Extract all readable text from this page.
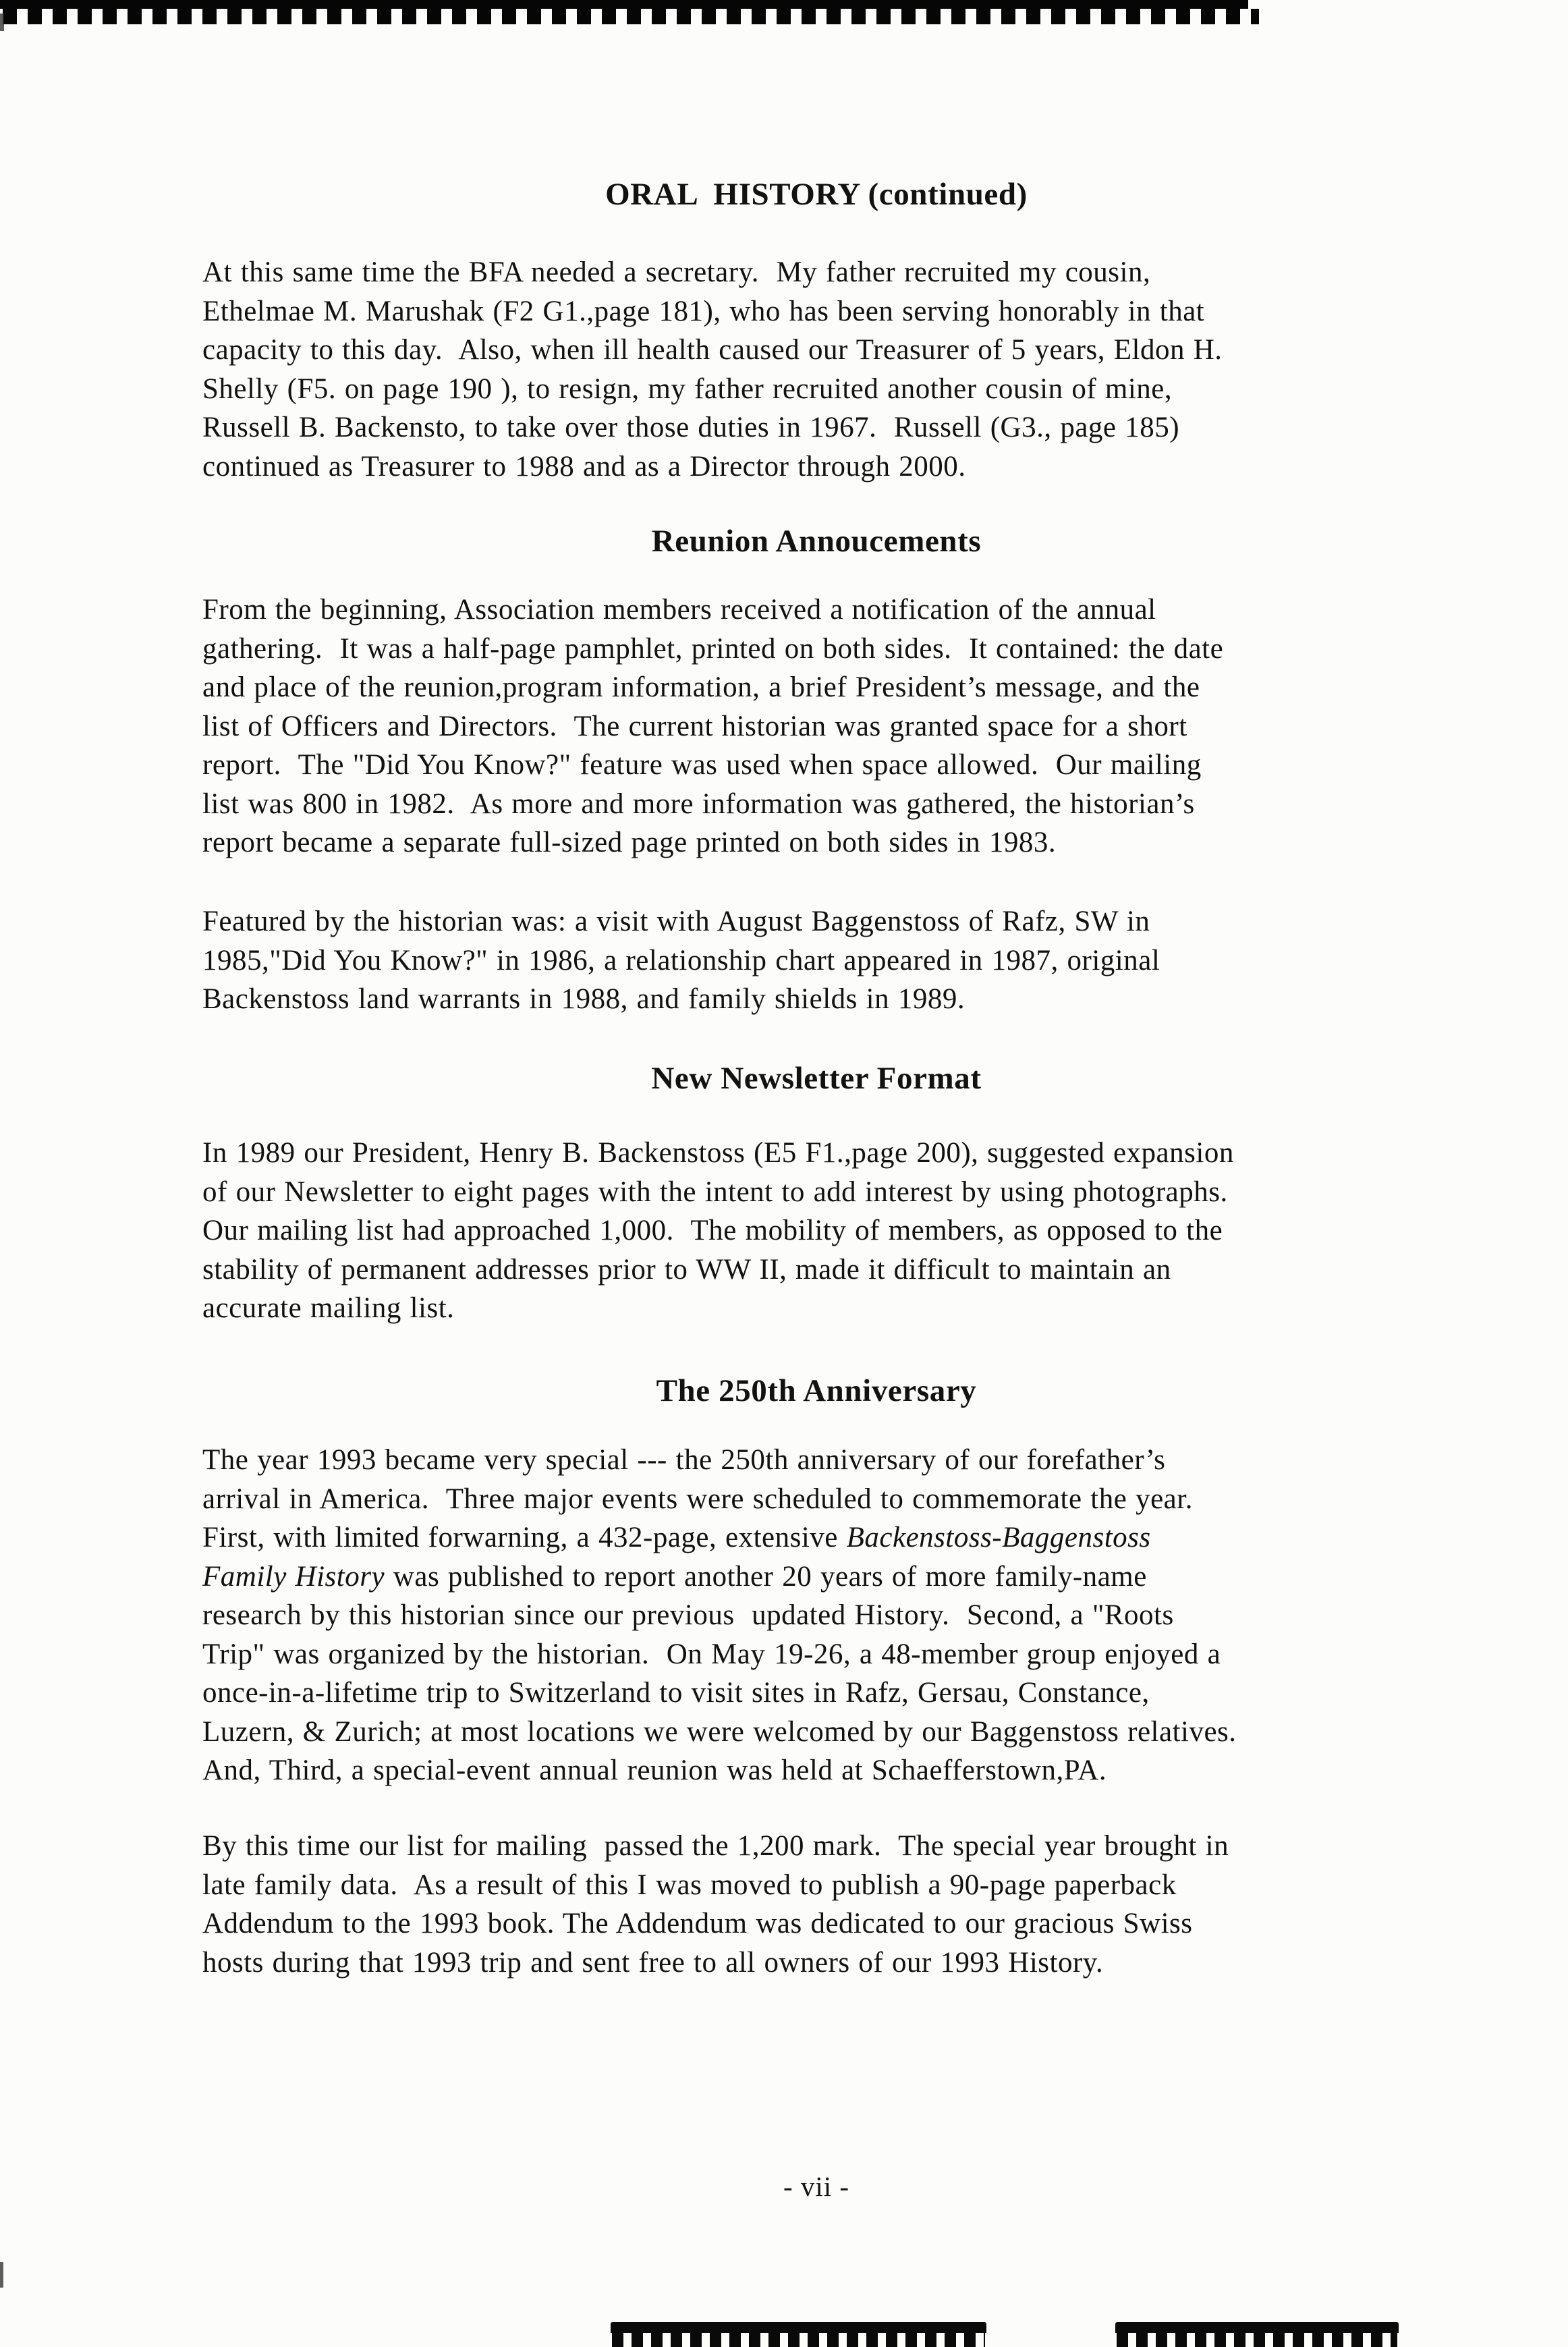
ORAL  HISTORY (continued)
At this same time the BFA needed a secretary.  My father recruited my cousin,
Ethelmae M. Marushak (F2 G1.,page 181), who has been serving honorably in that
capacity to this day.  Also, when ill health caused our Treasurer of 5 years, Eldon H.
Shelly (F5. on page 190 ), to resign, my father recruited another cousin of mine,
Russell B. Backensto, to take over those duties in 1967.  Russell (G3., page 185)
continued as Treasurer to 1988 and as a Director through 2000.
Reunion Annoucements
From the beginning, Association members received a notification of the annual
gathering.  It was a half-page pamphlet, printed on both sides.  It contained: the date
and place of the reunion,program information, a brief President’s message, and the
list of Officers and Directors.  The current historian was granted space for a short
report.  The "Did You Know?" feature was used when space allowed.  Our mailing
list was 800 in 1982.  As more and more information was gathered, the historian’s
report became a separate full-sized page printed on both sides in 1983.
Featured by the historian was: a visit with August Baggenstoss of Rafz, SW in
1985,"Did You Know?" in 1986, a relationship chart appeared in 1987, original
Backenstoss land warrants in 1988, and family shields in 1989.
New Newsletter Format
In 1989 our President, Henry B. Backenstoss (E5 F1.,page 200), suggested expansion
of our Newsletter to eight pages with the intent to add interest by using photographs.
Our mailing list had approached 1,000.  The mobility of members, as opposed to the
stability of permanent addresses prior to WW II, made it difficult to maintain an
accurate mailing list.
The 250th Anniversary
The year 1993 became very special --- the 250th anniversary of our forefather’s
arrival in America.  Three major events were scheduled to commemorate the year.
First, with limited forwarning, a 432-page, extensive Backenstoss-Baggenstoss
Family History was published to report another 20 years of more family-name
research by this historian since our previous  updated History.  Second, a "Roots
Trip" was organized by the historian.  On May 19-26, a 48-member group enjoyed a
once-in-a-lifetime trip to Switzerland to visit sites in Rafz, Gersau, Constance,
Luzern, & Zurich; at most locations we were welcomed by our Baggenstoss relatives.
And, Third, a special-event annual reunion was held at Schaefferstown,PA.
By this time our list for mailing  passed the 1,200 mark.  The special year brought in
late family data.  As a result of this I was moved to publish a 90-page paperback
Addendum to the 1993 book. The Addendum was dedicated to our gracious Swiss
hosts during that 1993 trip and sent free to all owners of our 1993 History.
- vii -
